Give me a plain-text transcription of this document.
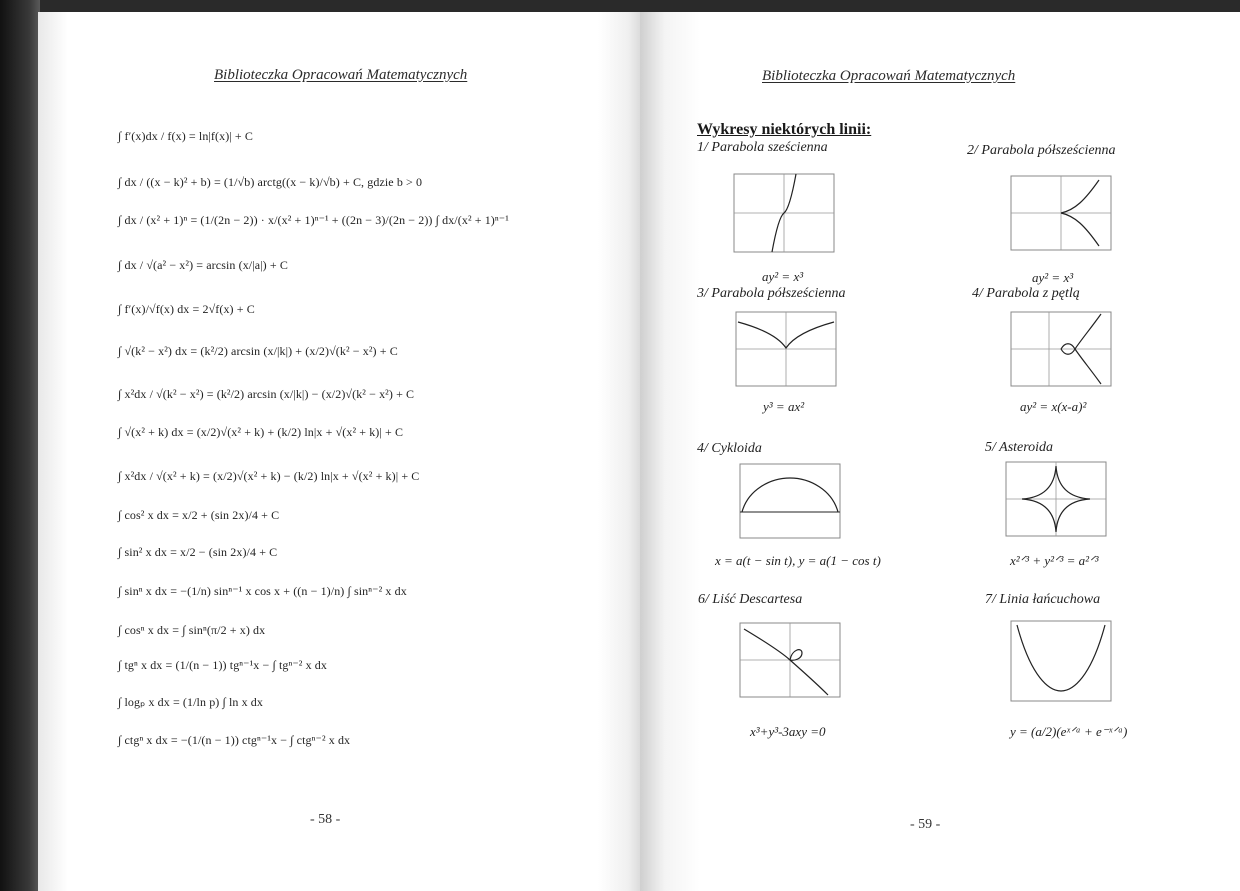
Biblioteczka Opracowań Matematycznych
∫ f′(x)dx / f(x) = ln|f(x)| + C
∫ dx / ((x − k)² + b) = (1/√b) arctg((x − k)/√b) + C, gdzie b > 0
∫ dx / (x² + 1)ⁿ = (1/(2n − 2)) · x/(x² + 1)ⁿ⁻¹ + ((2n − 3)/(2n − 2)) ∫ dx/(x² + 1)ⁿ⁻¹
∫ dx / √(a² − x²) = arcsin (x/|a|) + C
∫ f′(x)/√f(x) dx = 2√f(x) + C
∫ √(k² − x²) dx = (k²/2) arcsin (x/|k|) + (x/2)√(k² − x²) + C
∫ x²dx / √(k² − x²) = (k²/2) arcsin (x/|k|) − (x/2)√(k² − x²) + C
∫ √(x² + k) dx = (x/2)√(x² + k) + (k/2) ln|x + √(x² + k)| + C
∫ x²dx / √(x² + k) = (x/2)√(x² + k) − (k/2) ln|x + √(x² + k)| + C
∫ cos² x dx = x/2 + (sin 2x)/4 + C
∫ sin² x dx = x/2 − (sin 2x)/4 + C
∫ sinⁿ x dx = −(1/n) sinⁿ⁻¹ x cos x + ((n − 1)/n) ∫ sinⁿ⁻² x dx
∫ cosⁿ x dx = ∫ sinⁿ(π/2 + x) dx
∫ tgⁿ x dx = (1/(n − 1)) tgⁿ⁻¹x − ∫ tgⁿ⁻² x dx
∫ logₚ x dx = (1/ln p) ∫ ln x dx
∫ ctgⁿ x dx = −(1/(n − 1)) ctgⁿ⁻¹x − ∫ ctgⁿ⁻² x dx
- 58 -
Biblioteczka Opracowań Matematycznych
Wykresy niektórych linii:
1/ Parabola sześcienna
ay² = x³
2/ Parabola półsześcienna
ay² = x³
3/ Parabola półsześcienna
y³ = ax²
4/ Parabola z pętlą
ay² = x(x-a)²
4/ Cykloida
x = a(t − sin t), y = a(1 − cos t)
5/ Asteroida
x²ᐟ³ + y²ᐟ³ = a²ᐟ³
6/ Liść Descartesa
x³+y³-3axy =0
7/ Linia łańcuchowa
y = (a/2)(eˣᐟᵃ + e⁻ˣᐟᵃ)
- 59 -
